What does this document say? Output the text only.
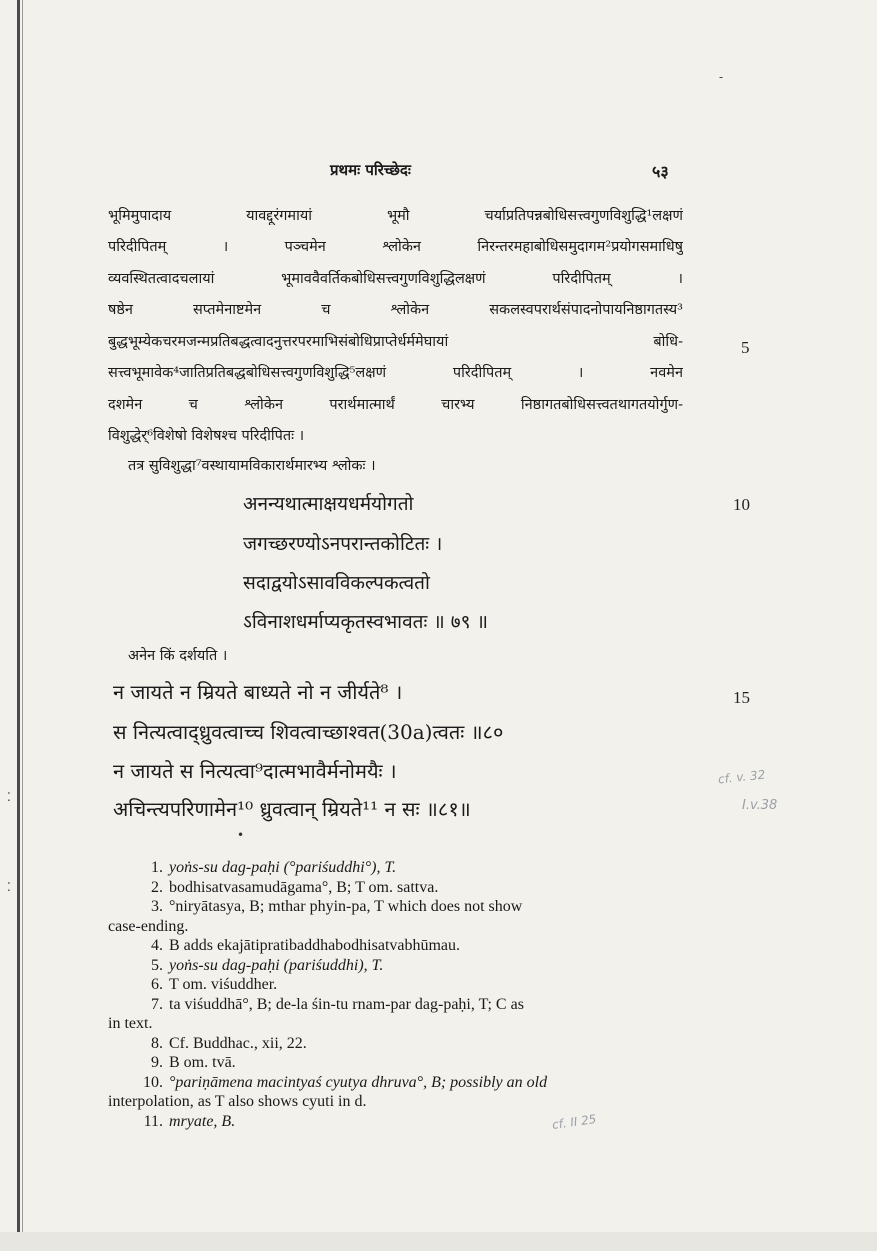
प्रथमः परिच्छेदः	५३
भूमिमुपादाय यावद्दूरंगमायां भूमौ चर्याप्रतिपन्नबोधिसत्त्वगुणविशुद्धि¹लक्षणं
परिदीपितम् । पञ्चमेन श्लोकेन निरन्तरमहाबोधिसमुदागम²प्रयोगसमाधिषु
व्यवस्थितत्वादचलायां भूमाववैवर्तिकबोधिसत्त्वगुणविशुद्धिलक्षणं परिदीपितम् ।
षष्ठेन सप्तमेनाष्टमेन च श्लोकेन सकलस्वपरार्थसंपादनोपायनिष्ठागतस्य³
बुद्धभूम्येकचरमजन्मप्रतिबद्धत्वादनुत्तरपरमाभिसंबोधिप्राप्तेर्धर्ममेघायां बोधि-
सत्त्वभूमावेक⁴जातिप्रतिबद्धबोधिसत्त्वगुणविशुद्धि⁵लक्षणं परिदीपितम् । नवमेन
दशमेन च श्लोकेन परार्थमात्मार्थं चारभ्य निष्ठागतबोधिसत्त्वतथागतयोर्गुण-
विशुद्धेर्⁶विशेषो विशेषश्च परिदीपितः ।
तत्र सुविशुद्धा⁷वस्थायामविकारार्थमारभ्य श्लोकः ।
अनन्यथात्माक्षयधर्मयोगतो
जगच्छरण्योऽनपरान्तकोटितः ।
सदाद्वयोऽसावविकल्पकत्वतो
ऽविनाशधर्माप्यकृतस्वभावतः ॥ ७९ ॥
अनेन किं दर्शयति ।
न जायते न म्रियते बाध्यते नो न जीर्यते⁸ ।
स नित्यत्वाद्ध्रुवत्वाच्च शिवत्वाच्छाश्वत(30a)त्वतः ॥८०
न जायते स नित्यत्वा⁹दात्मभावैर्मनोमयैः ।
अचिन्त्यपरिणामेन¹⁰ ध्रुवत्वान् म्रियते¹¹ न सः ॥८१॥
5
10
15
cf. v. 32
I.v.38
cf. II 25
-
•
⁚
⁚
1. yoṅs-su dag-paḥi (°pariśuddhi°), T.
2. bodhisatvasamudāgama°, B; T om. sattva.
3. °niryātasya, B; mthar phyin-pa, T which does not show
case-ending.
4. B adds ekajātipratibaddhabodhisatvabhūmau.
5. yoṅs-su dag-paḥi (pariśuddhi), T.
6. T om. viśuddher.
7. ta viśuddhā°, B; de-la śin-tu rnam-par dag-paḥi, T; C as
in text.
8. Cf. Buddhac., xii, 22.
9. B om. tvā.
10. °pariṇāmena macintyaś cyutya dhruva°, B; possibly an old
interpolation, as T also shows cyuti in d.
11. mryate, B.
